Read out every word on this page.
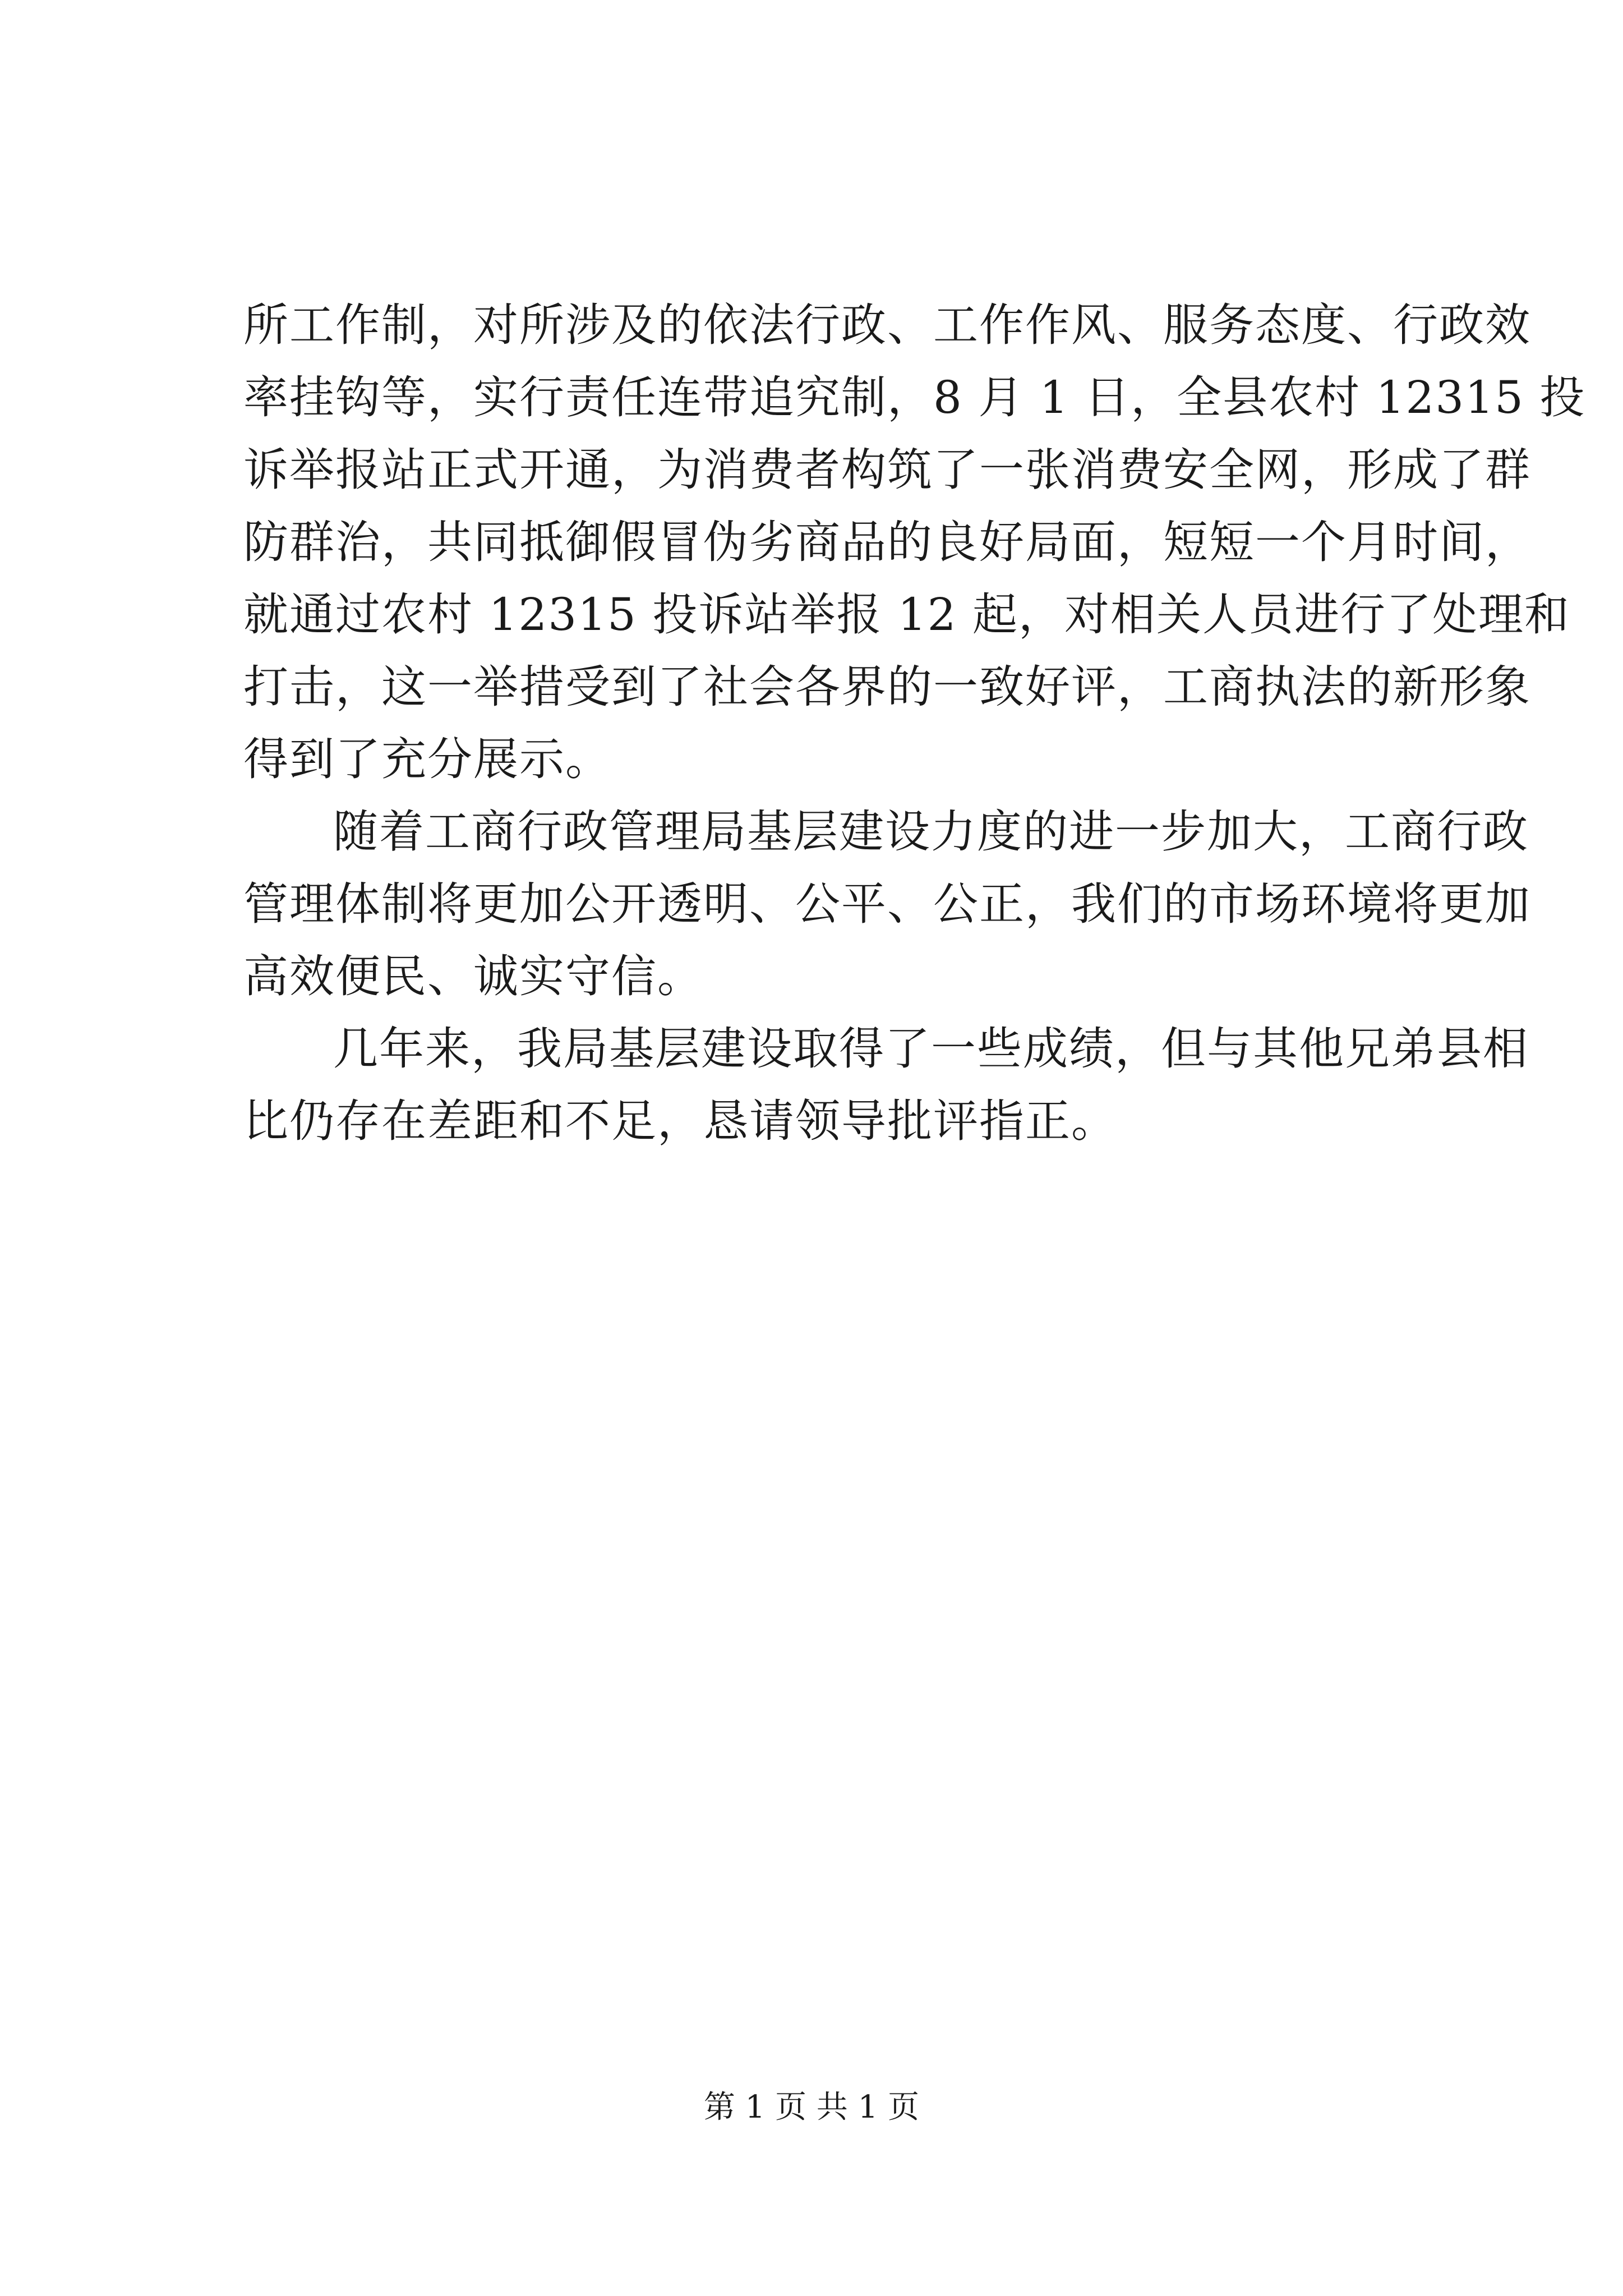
所工作制，对所涉及的依法行政、工作作风、服务态度、行政效
率挂钩等，实行责任连带追究制，8 月 1 日，全县农村 12315 投
诉举报站正式开通，为消费者构筑了一张消费安全网，形成了群
防群治，共同抵御假冒伪劣商品的良好局面，短短一个月时间，
就通过农村 12315 投诉站举报 12 起，对相关人员进行了处理和
打击，这一举措受到了社会各界的一致好评，工商执法的新形象
得到了充分展示。

随着工商行政管理局基层建设力度的进一步加大，工商行政
管理体制将更加公开透明、公平、公正，我们的市场环境将更加
高效便民、诚实守信。

几年来，我局基层建设取得了一些成绩，但与其他兄弟县相
比仍存在差距和不足，恳请领导批评指正。

第 1 页 共 1 页
